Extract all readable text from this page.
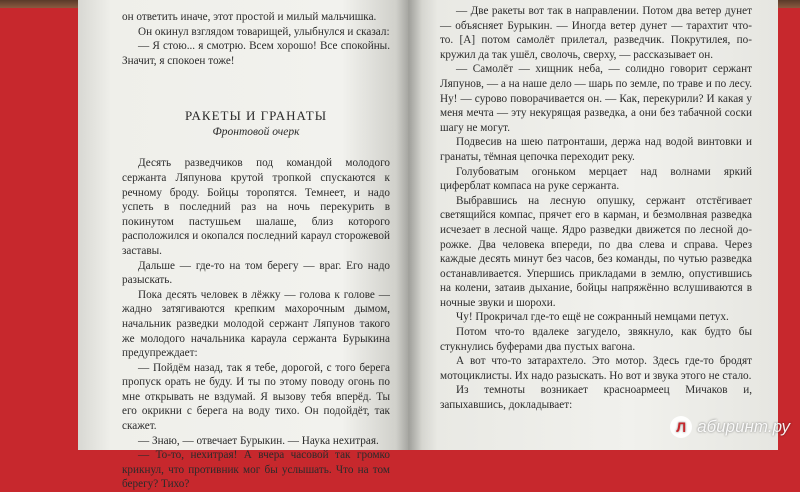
он ответить иначе, этот простой и милый мальчишка.

Он окинул взглядом товарищей, улыбнулся и сказал:

— Я стою... я смотрю. Всем хорошо! Все спокойны. Значит, я спокоен тоже!

РАКЕТЫ И ГРАНАТЫ
Фронтовой очерк

Десять разведчиков под командой молодого сержанта Ляпунова крутой тропкой спускаются к речному броду. Бойцы торопятся. Темнеет, и надо успеть в последний раз на ночь перекурить в покинутом пастушьем шалаше, близ которого расположился и окопался последний караул сторожевой заставы.

Дальше — где-то на том берегу — враг. Его надо разыскать.

Пока десять человек в лёжку — голова к голове — жадно затягиваются крепким махорочным дымом, начальник разведки молодой сержант Ляпунов такого же молодого начальника караула сержанта Бурыкина предупреждает:

— Пойдём назад, так я тебе, дорогой, с того берега пропуск орать не буду. И ты по этому поводу огонь по мне открывать не вздумай. Я вызову тебя вперёд. Ты его окрикни с берега на воду тихо. Он подойдёт, так скажет.

— Знаю, — отвечает Бурыкин. — Наука нехитрая.

— То-то, нехитрая! А вчера часовой так громко крикнул, что противник мог бы услышать. Что на том берегу? Тихо?

— Две ракеты вот так в направлении. Потом два ветер дунет — объясняет Бурыкин. — Иногда ветер дунет — тарахтит что-то. [А] потом самолёт прилетал, разведчик. Покрутилея, покружил да так ушёл, сволочь, сверху, — рассказывает он.

— Самолёт — хищник неба, — солидно говорит сержант Ляпунов, — а на наше дело — шарь по земле, по траве и по лесу. Ну! — сурово поворачивается он. — Как, перекурили? И какая у меня мечта — эту некурящая разведка, а они без табачной соски шагу не могут.

Подвесив на шею патронташи, держа над водой винтовки и гранаты, тёмная цепочка переходит реку.

Голубоватым огоньком мерцает над волнами яркий циферблат компаса на руке сержанта.

Выбравшись на лесную опушку, сержант отстёгивает светящийся компас, прячет его в карман, и безмолвная разведка исчезает в лесной чаще. Ядро разведки движется по лесной дорожке. Два человека впереди, по два слева и справа. Через каждые десять минут без часов, без команды, по чутью разведка останавливается. Упершись прикладами в землю, опустившись на колени, затаив дыхание, бойцы напряжённо вслушиваются в ночные звуки и шорохи.

Чу! Прокричал где-то ещё не сожранный немцами петух.

Потом что-то вдалеке загудело, звякнуло, как будто бы стукнулись буферами два пустых вагона.

А вот что-то затарахтело. Это мотор. Здесь где-то бродят мотоциклисты. Их надо разыскать. Но вот и звука этого не стало.

Из темноты возникает красноармеец Мичаков и, запыхавшись, докладывает:

Л абиринт.ру
